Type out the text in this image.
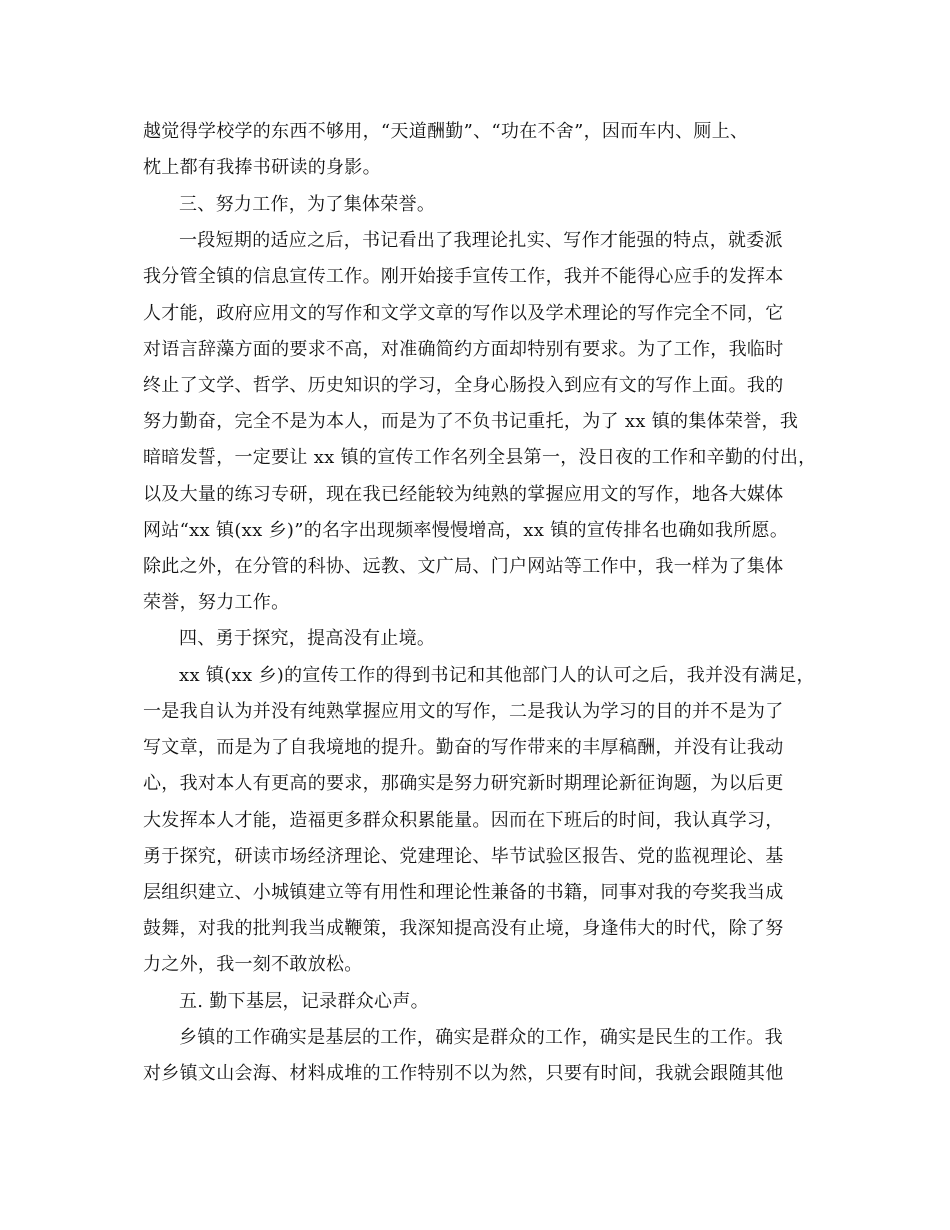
越觉得学校学的东西不够用，“天道酬勤”、“功在不舍”，因而车内、厕上、
枕上都有我捧书研读的身影。
三、努力工作，为了集体荣誉。
一段短期的适应之后，书记看出了我理论扎实、写作才能强的特点，就委派
我分管全镇的信息宣传工作。刚开始接手宣传工作，我并不能得心应手的发挥本
人才能，政府应用文的写作和文学文章的写作以及学术理论的写作完全不同，它
对语言辞藻方面的要求不高，对准确简约方面却特别有要求。为了工作，我临时
终止了文学、哲学、历史知识的学习，全身心肠投入到应有文的写作上面。我的
努力勤奋，完全不是为本人，而是为了不负书记重托，为了 xx 镇的集体荣誉，我
暗暗发誓，一定要让 xx 镇的宣传工作名列全县第一，没日夜的工作和辛勤的付出，
以及大量的练习专研，现在我已经能较为纯熟的掌握应用文的写作，地各大媒体
网站“xx 镇(xx 乡)”的名字出现频率慢慢增高，xx 镇的宣传排名也确如我所愿。
除此之外，在分管的科协、远教、文广局、门户网站等工作中，我一样为了集体
荣誉，努力工作。
四、勇于探究，提高没有止境。
xx 镇(xx 乡)的宣传工作的得到书记和其他部门人的认可之后，我并没有满足，
一是我自认为并没有纯熟掌握应用文的写作，二是我认为学习的目的并不是为了
写文章，而是为了自我境地的提升。勤奋的写作带来的丰厚稿酬，并没有让我动
心，我对本人有更高的要求，那确实是努力研究新时期理论新征询题，为以后更
大发挥本人才能，造福更多群众积累能量。因而在下班后的时间，我认真学习，
勇于探究，研读市场经济理论、党建理论、毕节试验区报告、党的监视理论、基
层组织建立、小城镇建立等有用性和理论性兼备的书籍，同事对我的夸奖我当成
鼓舞，对我的批判我当成鞭策，我深知提高没有止境，身逢伟大的时代，除了努
力之外，我一刻不敢放松。
五. 勤下基层，记录群众心声。
乡镇的工作确实是基层的工作，确实是群众的工作，确实是民生的工作。我
对乡镇文山会海、材料成堆的工作特别不以为然，只要有时间，我就会跟随其他
